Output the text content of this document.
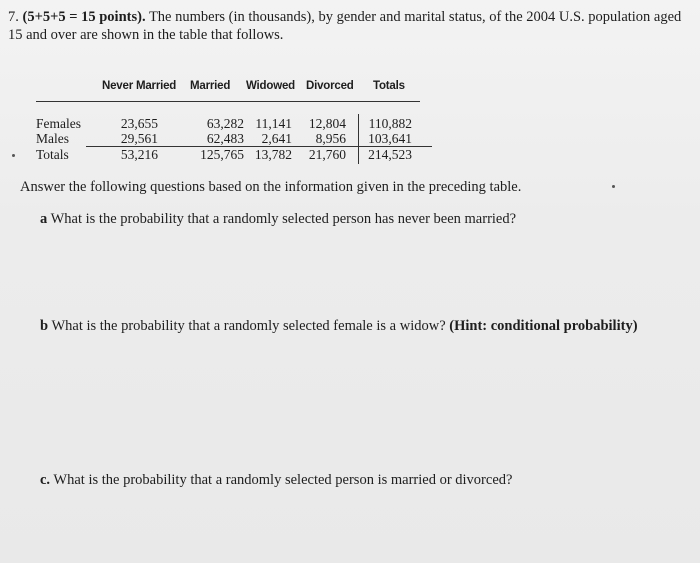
7. (5+5+5 = 15 points). The numbers (in thousands), by gender and marital status, of the 2004 U.S. population aged 15 and over are shown in the table that follows.

Never Married Married Widowed Divorced Totals
Females	23,655	63,282 11,141	12,804	110,882
Males	29,561	62,483	2,641	8,956	103,641
Totals	53,216	125,765 13,782	21,760	214,523

Answer the following questions based on the information given in the preceding table.

a What is the probability that a randomly selected person has never been married?

b What is the probability that a randomly selected female is a widow? (Hint: conditional probability)

c. What is the probability that a randomly selected person is married or divorced?
